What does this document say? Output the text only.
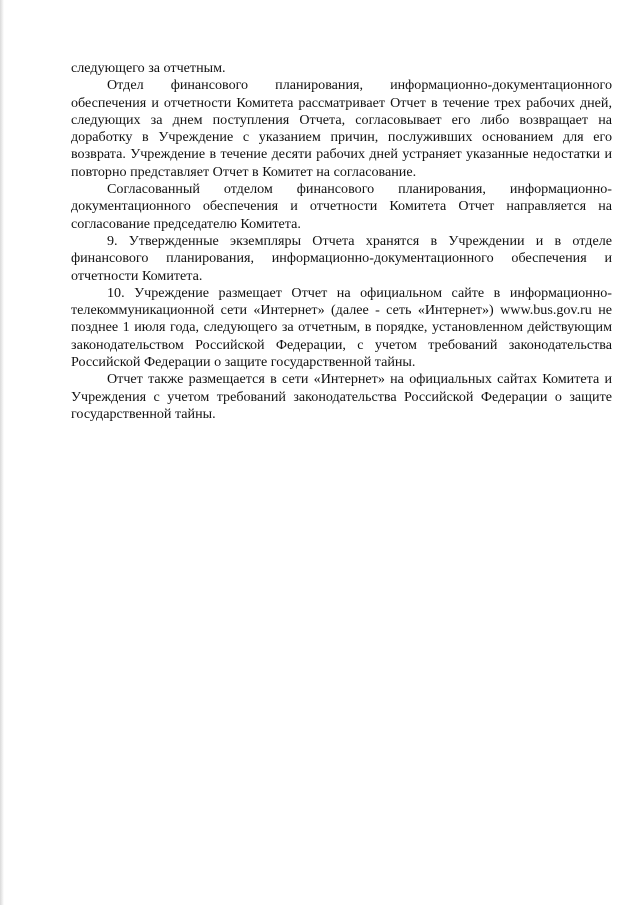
следующего за отчетным.

Отдел финансового планирования, информационно-документационного обеспечения и отчетности Комитета рассматривает Отчет в течение трех рабочих дней, следующих за днем поступления Отчета, согласовывает его либо возвращает на доработку в Учреждение с указанием причин, послуживших основанием для его возврата. Учреждение в течение десяти рабочих дней устраняет указанные недостатки и повторно представляет Отчет в Комитет на согласование.

Согласованный отделом финансового планирования, информационно-документационного обеспечения и отчетности Комитета Отчет направляется на согласование председателю Комитета.

9. Утвержденные экземпляры Отчета хранятся в Учреждении и в отделе финансового планирования, информационно-документационного обеспечения и отчетности Комитета.

10. Учреждение размещает Отчет на официальном сайте в информационно-телекоммуникационной сети «Интернет» (далее - сеть «Интернет») www.bus.gov.ru не позднее 1 июля года, следующего за отчетным, в порядке, установленном действующим законодательством Российской Федерации, с учетом требований законодательства Российской Федерации о защите государственной тайны.

Отчет также размещается в сети «Интернет» на официальных сайтах Комитета и Учреждения с учетом требований законодательства Российской Федерации о защите государственной тайны.
